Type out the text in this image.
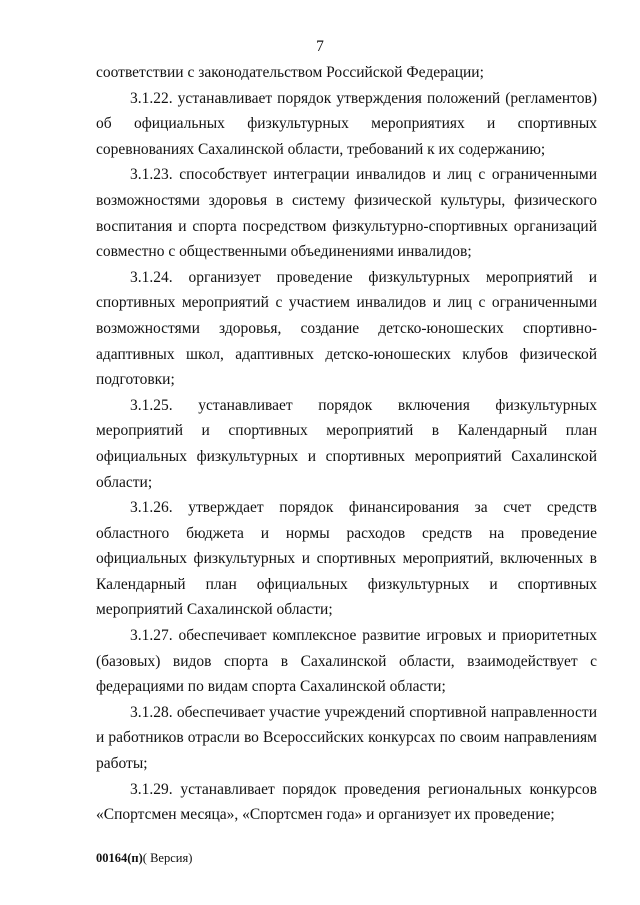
7

соответствии с законодательством Российской Федерации;

3.1.22. устанавливает порядок утверждения положений (регламентов) об официальных физкультурных мероприятиях и спортивных соревнованиях Сахалинской области, требований к их содержанию;

3.1.23. способствует интеграции инвалидов и лиц с ограниченными возможностями здоровья в систему физической культуры, физического воспитания и спорта посредством физкультурно-спортивных организаций совместно с общественными объединениями инвалидов;

3.1.24. организует проведение физкультурных мероприятий и спортивных мероприятий с участием инвалидов и лиц с ограниченными возможностями здоровья, создание детско-юношеских спортивно-адаптивных школ, адаптивных детско-юношеских клубов физической подготовки;

3.1.25. устанавливает порядок включения физкультурных мероприятий и спортивных мероприятий в Календарный план официальных физкультурных и спортивных мероприятий Сахалинской области;

3.1.26. утверждает порядок финансирования за счет средств областного бюджета и нормы расходов средств на проведение официальных физкультурных и спортивных мероприятий, включенных в Календарный план официальных физкультурных и спортивных мероприятий Сахалинской области;

3.1.27. обеспечивает комплексное развитие игровых и приоритетных (базовых) видов спорта в Сахалинской области, взаимодействует с федерациями по видам спорта Сахалинской области;

3.1.28. обеспечивает участие учреждений спортивной направленности и работников отрасли во Всероссийских конкурсах по своим направлениям работы;

3.1.29. устанавливает порядок проведения региональных конкурсов «Спортсмен месяца», «Спортсмен года» и организует их проведение;

00164(п)( Версия)
